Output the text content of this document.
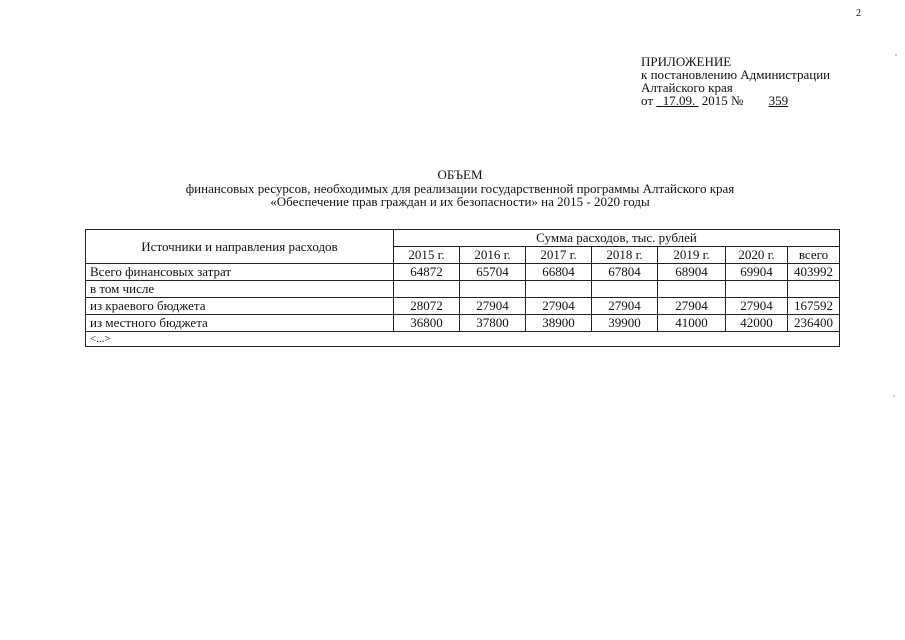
2
ПРИЛОЖЕНИЕ
к постановлению Администрации
Алтайского края
от 17.09. 2015 № 359
ОБЪЕМ
финансовых ресурсов, необходимых для реализации государственной программы Алтайского края
«Обеспечение прав граждан и их безопасности» на 2015 - 2020 годы
Источники и направления расходов	Сумма расходов, тыс. рублей						
	2015 г.	2016 г.	2017 г.	2018 г.	2019 г.	2020 г.	всего
Всего финансовых затрат	64872	65704	66804	67804	68904	69904	403992
в том числе							
из краевого бюджета	28072	27904	27904	27904	27904	27904	167592
из местного бюджета	36800	37800	38900	39900	41000	42000	236400
<...>							
